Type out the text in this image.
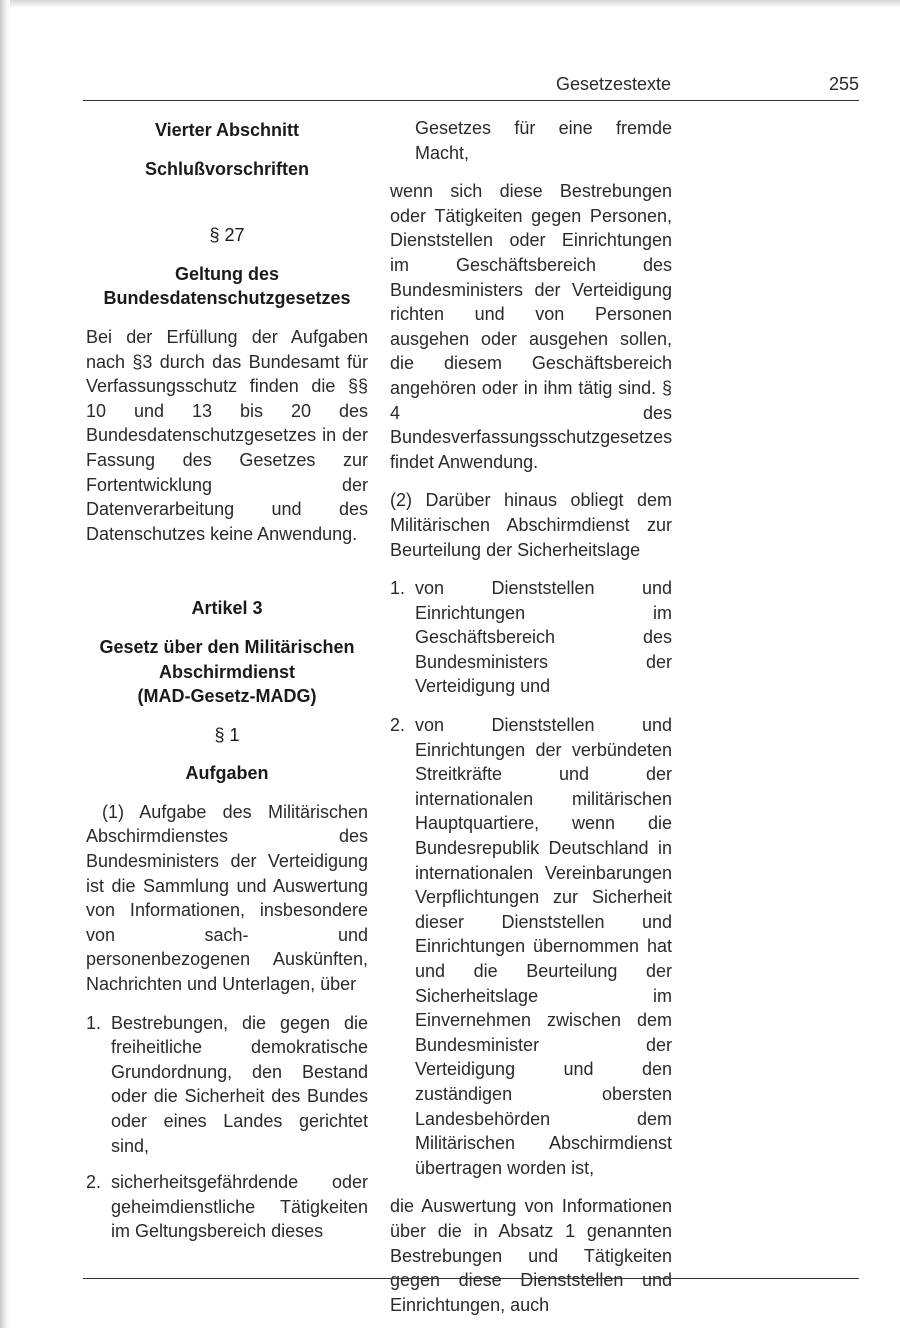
Gesetzestexte	255

Vierter Abschnitt

Schlußvorschriften

§ 27

Geltung des

Bundesdatenschutzgesetzes

Bei der Erfüllung der Aufgaben nach §3 durch das Bundesamt für Verfassungsschutz finden die §§ 10 und 13 bis 20 des Bundesdatenschutzgesetzes in der Fassung des Gesetzes zur Fortentwicklung der Datenverarbeitung und des Datenschutzes keine Anwendung.

Artikel 3

Gesetz über den Militärischen

Abschirmdienst

(MAD-Gesetz-MADG)

§ 1

Aufgaben

(1) Aufgabe des Militärischen Abschirmdienstes des Bundesministers der Verteidigung ist die Sammlung und Auswertung von Informationen, insbesondere von sach- und personenbezogenen Auskünften, Nachrichten und Unterlagen, über

1. Bestrebungen, die gegen die freiheitliche demokratische Grundordnung, den Bestand oder die Sicherheit des Bundes oder eines Landes gerichtet sind,
2. sicherheitsgefährdende oder geheimdienstliche Tätigkeiten im Geltungsbereich dieses

Gesetzes für eine fremde Macht,

wenn sich diese Bestrebungen oder Tätigkeiten gegen Personen, Dienststellen oder Einrichtungen im Geschäftsbereich des Bundesministers der Verteidigung richten und von Personen ausgehen oder ausgehen sollen, die diesem Geschäftsbereich angehören oder in ihm tätig sind. § 4 des Bundesverfassungsschutzgesetzes findet Anwendung.

(2) Darüber hinaus obliegt dem Militärischen Abschirmdienst zur Beurteilung der Sicherheitslage

1. von Dienststellen und Einrichtungen im Geschäftsbereich des Bundesministers der Verteidigung und
2. von Dienststellen und Einrichtungen der verbündeten Streitkräfte und der internationalen militärischen Hauptquartiere, wenn die Bundesrepublik Deutschland in internationalen Vereinbarungen Verpflichtungen zur Sicherheit dieser Dienststellen und Einrichtungen übernommen hat und die Beurteilung der Sicherheitslage im Einvernehmen zwischen dem Bundesminister der Verteidigung und den zuständigen obersten Landesbehörden dem Militärischen Abschirmdienst übertragen worden ist,

die Auswertung von Informationen über die in Absatz 1 genannten Bestrebungen und Tätigkeiten gegen diese Dienststellen und Einrichtungen, auch
